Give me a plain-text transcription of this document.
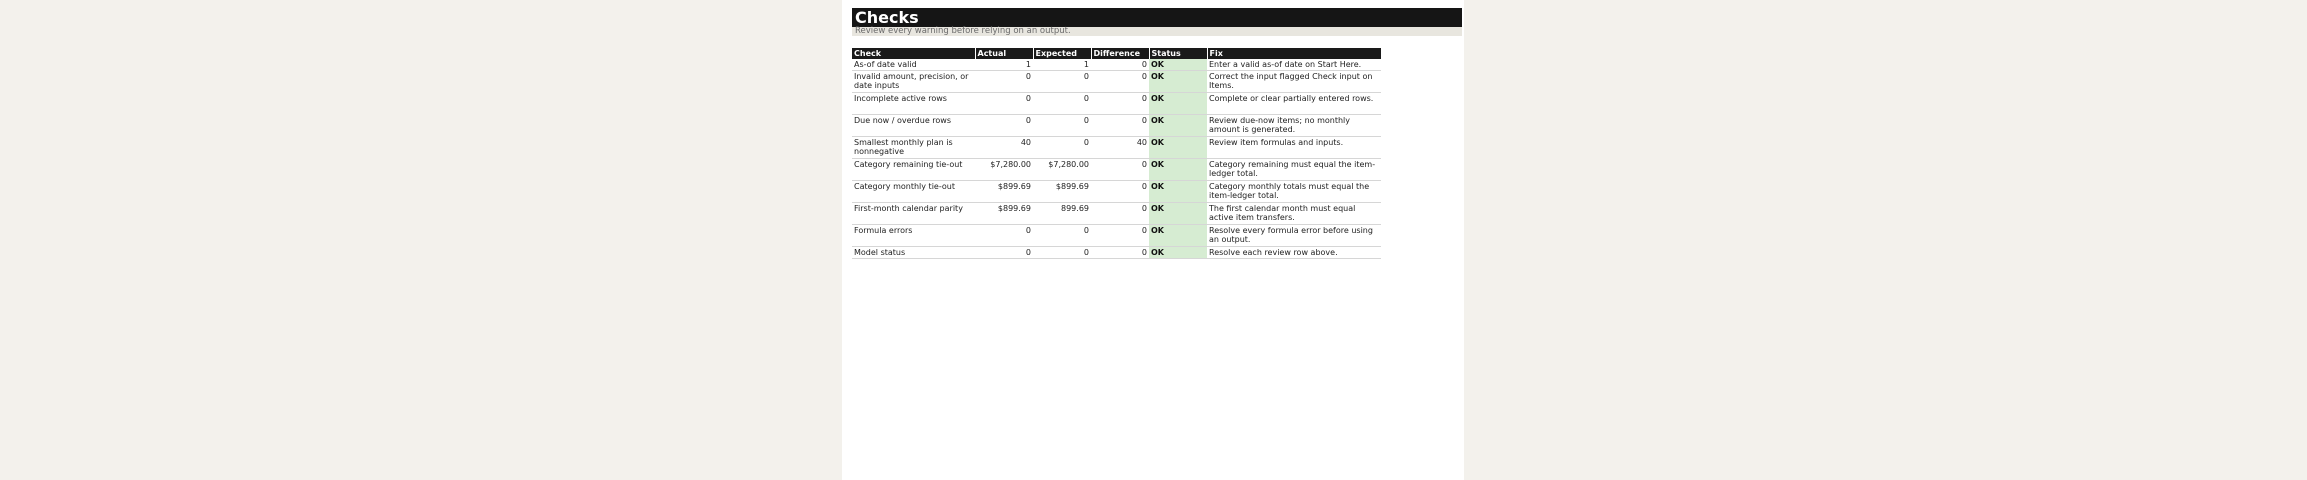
Checks
Review every warning before relying on an output.
Check	Actual	Expected	Difference	Status	Fix
As-of date valid	1	1	0	OK	Enter a valid as-of date on Start Here.
Invalid amount, precision, or date inputs	0	0	0	OK	Correct the input flagged Check input on Items.
Incomplete active rows	0	0	0	OK	Complete or clear partially entered rows.
Due now / overdue rows	0	0	0	OK	Review due-now items; no monthly amount is generated.
Smallest monthly plan is nonnegative	40	0	40	OK	Review item formulas and inputs.
Category remaining tie-out	$7,280.00	$7,280.00	0	OK	Category remaining must equal the item-ledger total.
Category monthly tie-out	$899.69	$899.69	0	OK	Category monthly totals must equal the item-ledger total.
First-month calendar parity	$899.69	899.69	0	OK	The first calendar month must equal active item transfers.
Formula errors	0	0	0	OK	Resolve every formula error before using an output.
Model status	0	0	0	OK	Resolve each review row above.
